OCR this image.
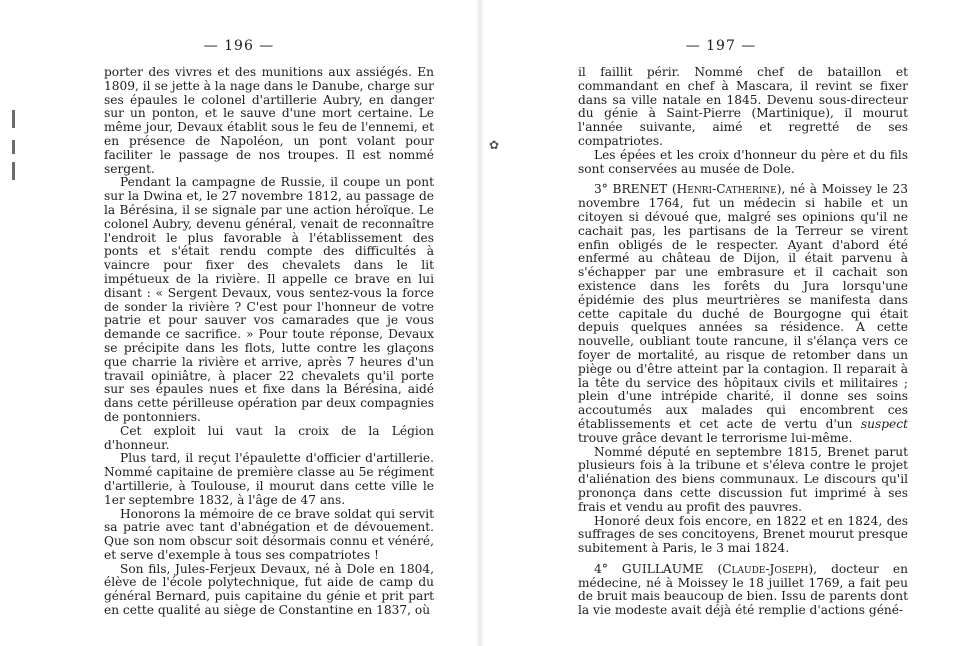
— 196 —

porter des vivres et des munitions aux assiégés. En 1809, il se jette à la nage dans le Danube, charge sur ses épaules le colonel d'artillerie Aubry, en danger sur un ponton, et le sauve d'une mort certaine. Le même jour, Devaux établit sous le feu de l'ennemi, et en présence de Napoléon, un pont volant pour faciliter le passage de nos troupes. Il est nommé sergent.

Pendant la campagne de Russie, il coupe un pont sur la Dwina et, le 27 novembre 1812, au passage de la Bérésina, il se signale par une action héroïque. Le colonel Aubry, devenu général, venait de reconnaître l'endroit le plus favorable à l'établissement des ponts et s'était rendu compte des difficultés à vaincre pour fixer des chevalets dans le lit impétueux de la rivière. Il appelle ce brave en lui disant : « Sergent Devaux, vous sentez-vous la force de sonder la rivière ? C'est pour l'honneur de votre patrie et pour sauver vos camarades que je vous demande ce sacrifice. » Pour toute réponse, Devaux se précipite dans les flots, lutte contre les glaçons que charrie la rivière et arrive, après 7 heures d'un travail opiniâtre, à placer 22 chevalets qu'il porte sur ses épaules nues et fixe dans la Bérésina, aidé dans cette périlleuse opération par deux compagnies de pontonniers.

Cet exploit lui vaut la croix de la Légion d'honneur.

Plus tard, il reçut l'épaulette d'officier d'artillerie. Nommé capitaine de première classe au 5e régiment d'artillerie, à Toulouse, il mourut dans cette ville le 1er septembre 1832, à l'âge de 47 ans.

Honorons la mémoire de ce brave soldat qui servit sa patrie avec tant d'abnégation et de dévouement. Que son nom obscur soit désormais connu et vénéré, et serve d'exemple à tous ses compatriotes !

Son fils, Jules-Ferjeux Devaux, né à Dole en 1804, élève de l'école polytechnique, fut aide de camp du général Bernard, puis capitaine du génie et prit part en cette qualité au siège de Constantine en 1837, où

✿
— 197 —

il faillit périr. Nommé chef de bataillon et commandant en chef à Mascara, il revint se fixer dans sa ville natale en 1845. Devenu sous-directeur du génie à Saint-Pierre (Martinique), il mourut l'année suivante, aimé et regretté de ses compatriotes.

Les épées et les croix d'honneur du père et du fils sont conservées au musée de Dole.

3° BRENET (Henri-Catherine), né à Moissey le 23 novembre 1764, fut un médecin si habile et un citoyen si dévoué que, malgré ses opinions qu'il ne cachait pas, les partisans de la Terreur se virent enfin obligés de le respecter. Ayant d'abord été enfermé au château de Dijon, il était parvenu à s'échapper par une embrasure et il cachait son existence dans les forêts du Jura lorsqu'une épidémie des plus meurtrières se manifesta dans cette capitale du duché de Bourgogne qui était depuis quelques années sa résidence. A cette nouvelle, oubliant toute rancune, il s'élança vers ce foyer de mortalité, au risque de retomber dans un piège ou d'être atteint par la contagion. Il reparait à la tête du service des hôpitaux civils et militaires ; plein d'une intrépide charité, il donne ses soins accoutumés aux malades qui encombrent ces établissements et cet acte de vertu d'un suspect trouve grâce devant le terrorisme lui-même.

Nommé député en septembre 1815, Brenet parut plusieurs fois à la tribune et s'éleva contre le projet d'aliénation des biens communaux. Le discours qu'il prononça dans cette discussion fut imprimé à ses frais et vendu au profit des pauvres.

Honoré deux fois encore, en 1822 et en 1824, des suffrages de ses concitoyens, Brenet mourut presque subitement à Paris, le 3 mai 1824.

4° GUILLAUME (Claude-Joseph), docteur en médecine, né à Moissey le 18 juillet 1769, a fait peu de bruit mais beaucoup de bien. Issu de parents dont la vie modeste avait déjà été remplie d'actions géné-
